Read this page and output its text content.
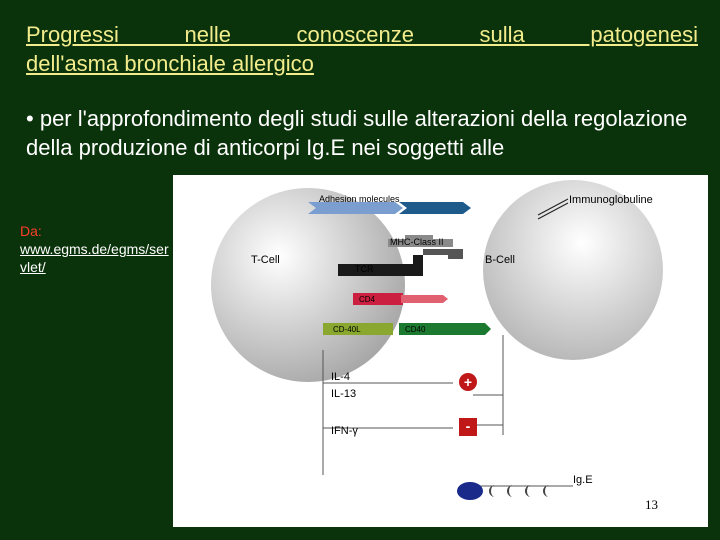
Progressi nelle conoscenze sulla patogenesi

dell'asma bronchiale allergico

• per l'approfondimento degli studi sulle alterazioni della regolazione della produzione di anticorpi Ig.E nei soggetti alle

Da:
www.egms.de/egms/servlet/
Adhesion molecules	Immunoglobuline
MHC-Class II
T-Cell	B-Cell
TCR
CD4
CD-40L	CD40
IL-4
IL-13
IFN-γ
+
-
Ig.E
13
